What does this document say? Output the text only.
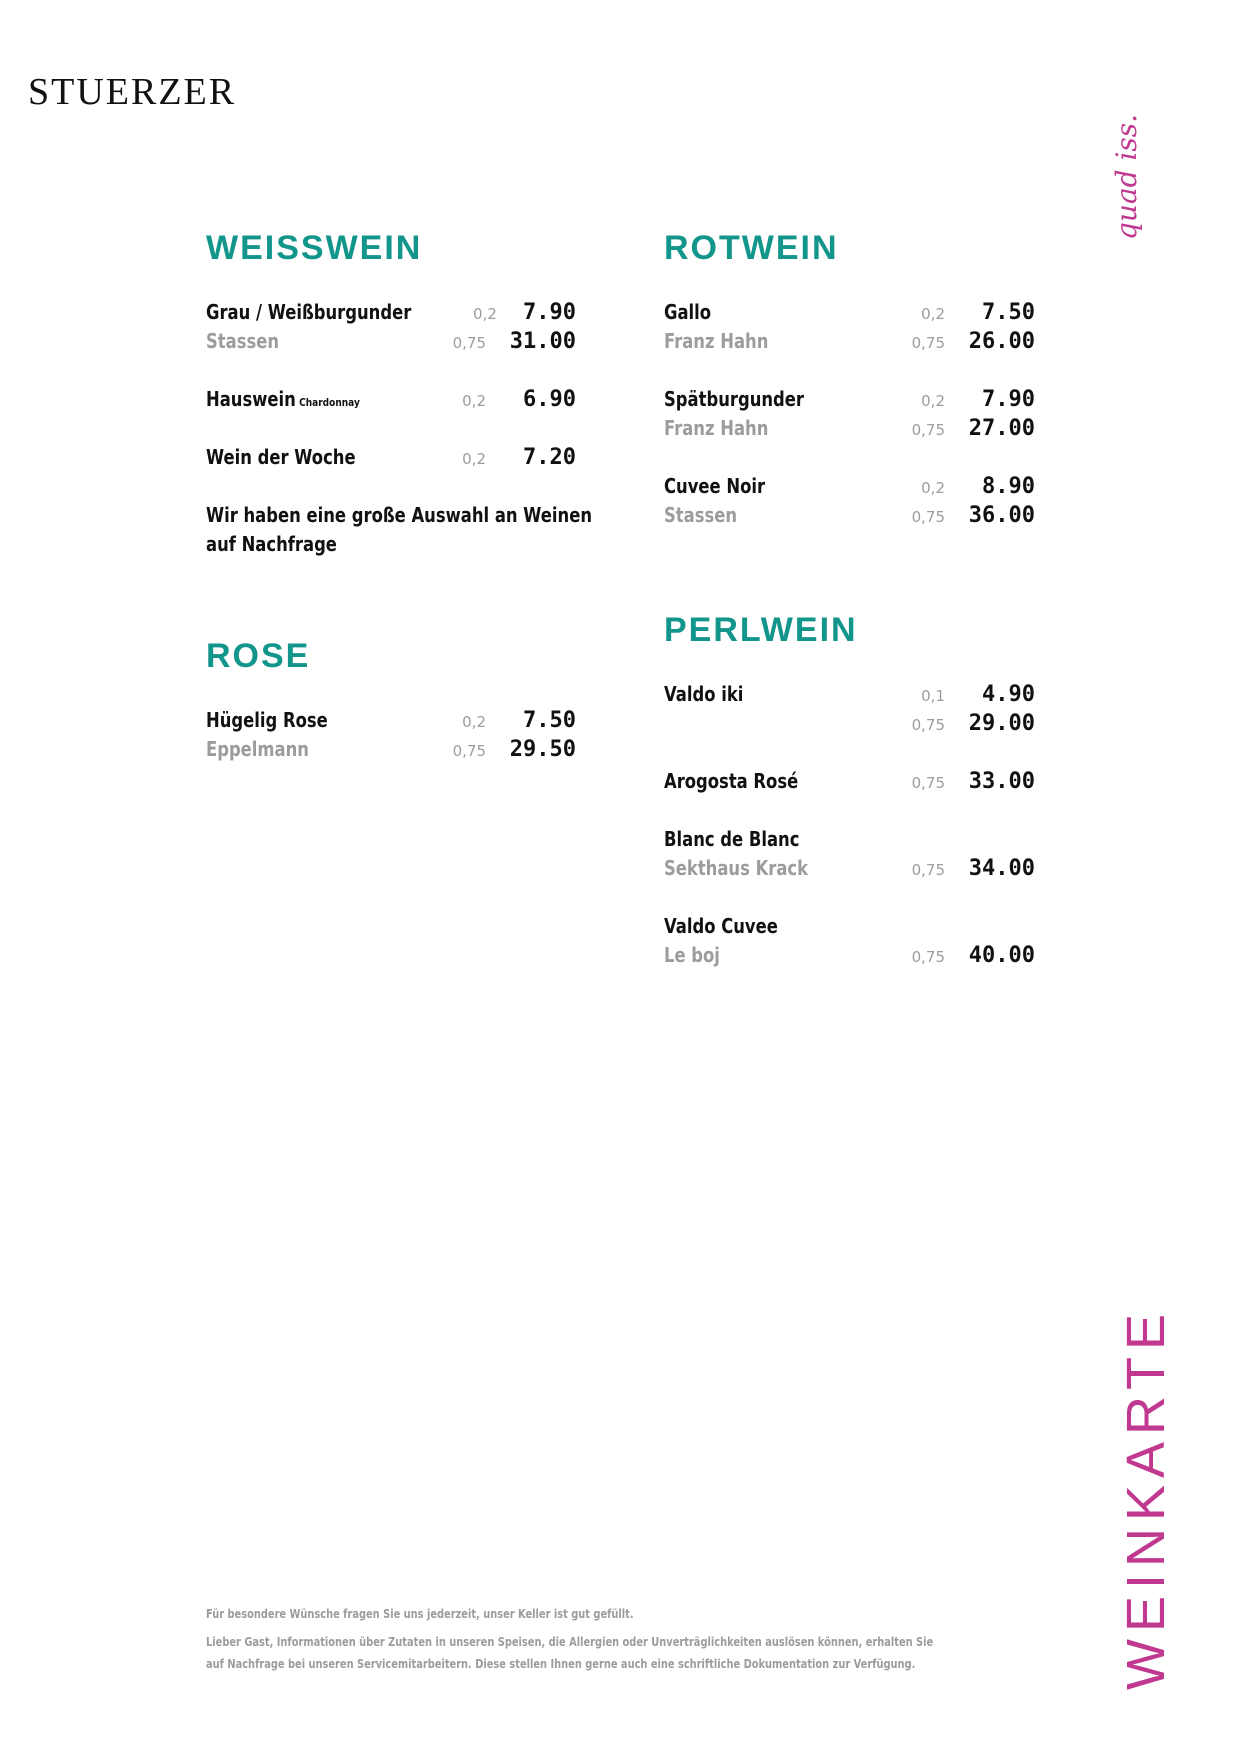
STUERZER
quad iss.
WEINKARTE
WEISSWEIN
Grau / Weißburgunder	0,2 7.90
Stassen	0,75 31.00
Hauswein Chardonnay	0,2	6.90
Wein der Woche	0,2	7.20
Wir haben eine große Auswahl an Weinen
auf Nachfrage
ROSE
Hügelig Rose	0,2	7.50
Eppelmann	0,75 29.50
ROTWEIN
Gallo	0,2	7.50
Franz Hahn	0,75 26.00
Spätburgunder	0,2	7.90
Franz Hahn	0,75 27.00
Cuvee Noir	0,2	8.90
Stassen	0,75 36.00
PERLWEIN
Valdo iki	0,1	4.90
0,75 29.00
Arogosta Rosé	0,75 33.00
Blanc de Blanc
Sekthaus Krack	0,75 34.00
Valdo Cuvee
Le boj	0,75 40.00

Für besondere Wünsche fragen Sie uns jederzeit, unser Keller ist gut gefüllt.

Lieber Gast, Informationen über Zutaten in unseren Speisen, die Allergien oder Unverträglichkeiten auslösen können, erhalten Sie
auf Nachfrage bei unseren Servicemitarbeitern. Diese stellen Ihnen gerne auch eine schriftliche Dokumentation zur Verfügung.
